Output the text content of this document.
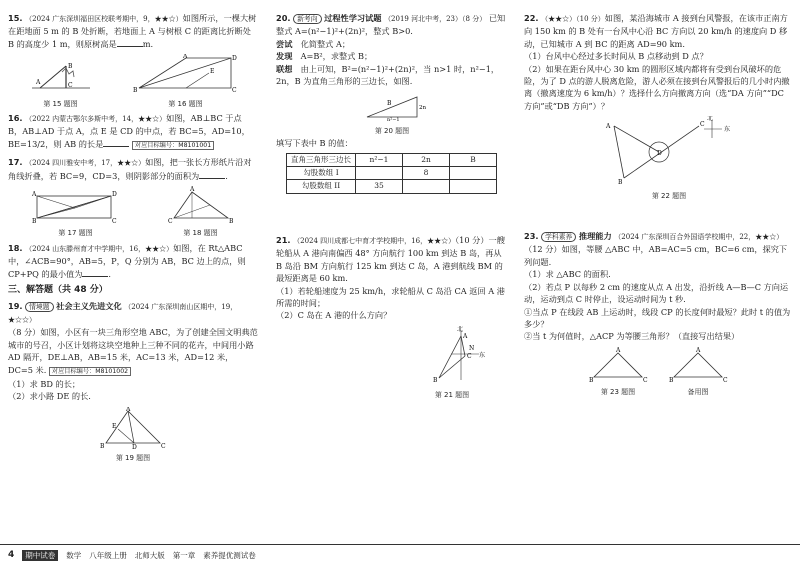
15. （2024 广东深圳福田区校联考期中，9，★★☆）如图所示，一棵大树在距地面 5 m 的 B 处折断，若地面上 A 与树根 C 的距离比折断处 B 的高度少 1 m，则原树高是	m.
A
B
C
第 15 题图
B	C
A	D
E
第 16 题图
16. （2022 内蒙古鄂尔多斯中考，14，★★☆）如图，AB⊥BC 于点 B，AB⊥AD 于点 A，点 E 是 CD 的中点，若 BC=5，AD=10，BE=13/2，则 AB 的长是	对应目标编号：M8101001
17. （2024 四川雅安中考，17，★★☆）如图，把一张长方形纸片沿对角线折叠，若 BC=9，CD=3，则阴影部分的面积为	.
A
B	C
D
第 17 题图
C	B
A
第 18 题图
18. （2024 山东滕州育才中学期中，16，★★☆）如图，在 Rt△ABC 中，∠ACB=90°，AB=5，P，Q 分别为 AB，BC 边上的点，则 CP+PQ 的最小值为	.
三、解答题（共 48 分）
19. 情境题 社会主义先进文化 （2024 广东深圳南山区期中，19，★☆☆）
（8 分）如图，小区有一块三角形空地 ABC，为了创建全国文明典范城市的号召，小区计划将这块空地种上三种不同的花卉，中间用小路 AD 隔开，DE⊥AB，AB=15 米，AC=13 米，AD=12 米，DC=5 米. 对应目标编号：M8101002
（1）求 BD 的长；
（2）求小路 DE 的长.
B	C
A
D
E
第 19 题图
20. 新考向 过程性学习试题 （2019 河北中考，23）（8 分） 已知整式 A=(n²−1)²+(2n)²，整式 B>0.
尝试　 化简整式 A；
发现　 A=B²，求整式 B；
联想　 由上可知，B²=(n²−1)²+(2n)²，当 n>1 时，n²−1，2n，B 为直角三角形的三边长，如图.
2n
B
n²−1
第 20 题图
填写下表中 B 的值：
直角三角形三边长	n²−1	2n	B
勾股数组 I		8	
勾股数组 II	35		
21. （2024 四川成都七中育才学校期中，16，★★☆）（10 分）一艘轮船从 A 港向南偏西 48° 方向航行 100 km 到达 B 岛，再从 B 岛沿 BM 方向航行 125 km 到达 C 岛，A 港到航线 BM 的最短距离是 60 km.
（1）若轮船速度为 25 km/h，求轮船从 C 岛沿 CA 返回 A 港所需的时间；
（2）C 岛在 A 港的什么方向？
北
东
A
B
C
N
第 21 题图
22. （★★☆）（10 分）如图，某沿海城市 A 接到台风警报，在该市正南方向 150 km 的 B 处有一台风中心沿 BC 方向以 20 km/h 的速度向 D 移动，已知城市 A 到 BC 的距离 AD=90 km.
（1）台风中心经过多长时间从 B 点移动到 D 点？
（2）如果在距台风中心 30 km 的圆形区域内都将有受到台风破坏的危险，为了 D 点的游人脱离危险，游人必须在接到台风警报后的几小时内撤离（撤离速度为 6 km/h）？选择什么方向撤离方向（选“DA 方向”“DC 方向”或“DB 方向”）？
北
东
A
B
C
D
第 22 题图
23. 学科素养 推理能力 （2024 广东深圳百合外国语学校期中，22，★★☆）
（12 分）如图，等腰 △ABC 中，AB=AC=5 cm，BC=6 cm，探究下列问题.
（1）求 △ABC 的面积.
（2）若点 P 以每秒 2 cm 的速度从点 A 出发，沿折线 A—B—C 方向运动，运动到点 C 时停止，设运动时间为 t 秒.
①当点 P 在线段 AB 上运动时，线段 CP 的长度何时最短？此时 t 的值为多少？
②当 t 为何值时，△ACP 为等腰三角形？（直接写出结果）
A
B	C
第 23 题图
A
B	C
备用图
4	期中试卷	数学 八年级上册 北师大版 第一章 素养提优测试卷
